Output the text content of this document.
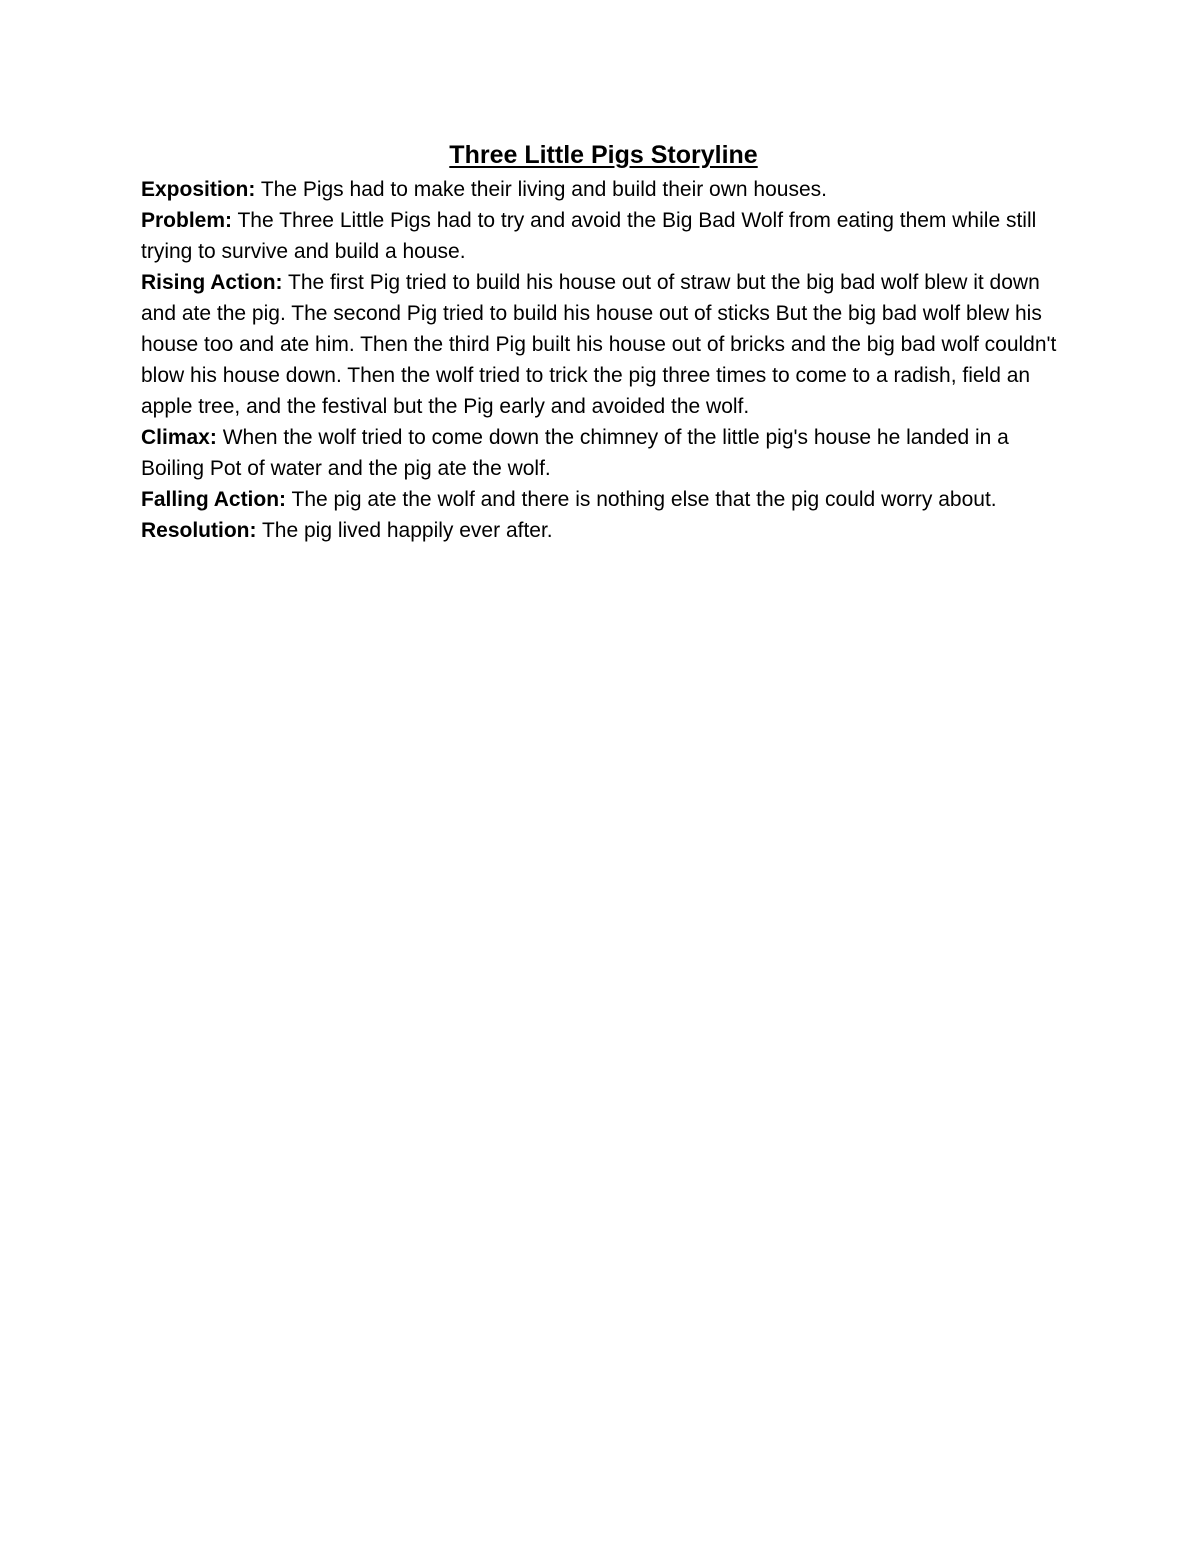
Three Little Pigs Storyline

Exposition: The Pigs had to make their living and build their own houses.

Problem: The Three Little Pigs had to try and avoid the Big Bad Wolf from eating them while still trying to survive and build a house.

Rising Action: The first Pig tried to build his house out of straw but the big bad wolf blew it down and ate the pig. The second Pig tried to build his house out of sticks But the big bad wolf blew his house too and ate him. Then the third Pig built his house out of bricks and the big bad wolf couldn't blow his house down. Then the wolf tried to trick the pig three times to come to a radish, field an apple tree, and the festival but the Pig early and avoided the wolf.

Climax: When the wolf tried to come down the chimney of the little pig's house he landed in a Boiling Pot of water and the pig ate the wolf.

Falling Action: The pig ate the wolf and there is nothing else that the pig could worry about.

Resolution: The pig lived happily ever after.
